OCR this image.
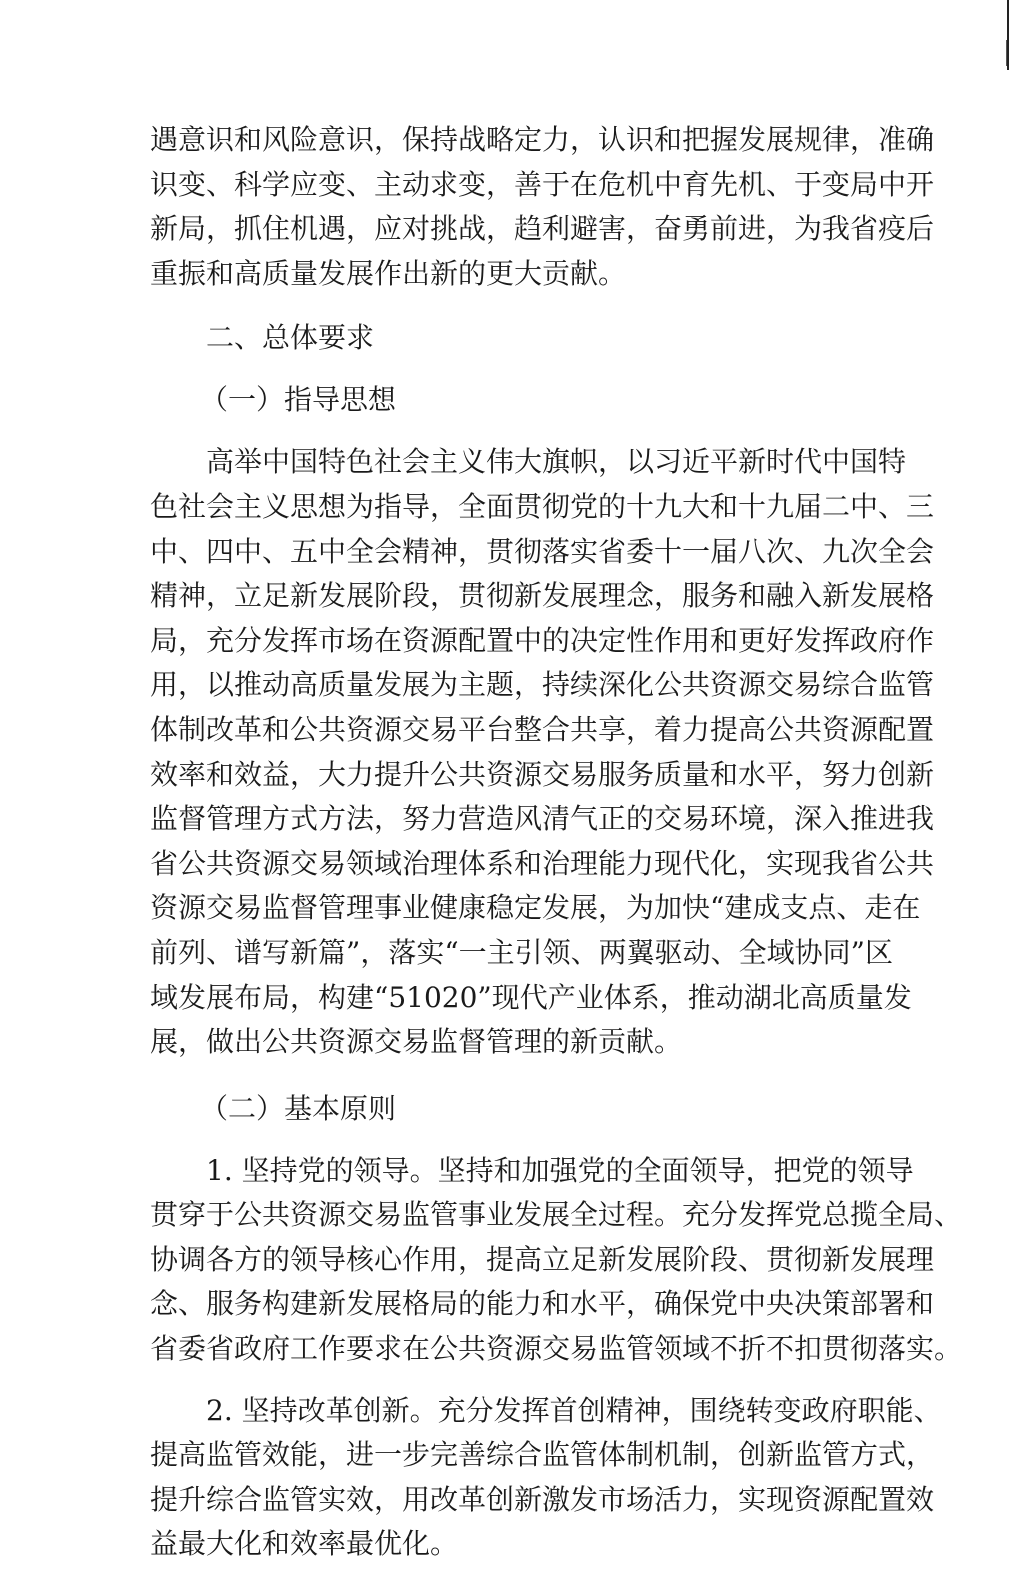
遇意识和风险意识，保持战略定力，认识和把握发展规律，准确
识变、科学应变、主动求变，善于在危机中育先机、于变局中开
新局，抓住机遇，应对挑战，趋利避害，奋勇前进，为我省疫后
重振和高质量发展作出新的更大贡献。
二、总体要求
（一）指导思想
高举中国特色社会主义伟大旗帜，以习近平新时代中国特
色社会主义思想为指导，全面贯彻党的十九大和十九届二中、三
中、四中、五中全会精神，贯彻落实省委十一届八次、九次全会
精神，立足新发展阶段，贯彻新发展理念，服务和融入新发展格
局，充分发挥市场在资源配置中的决定性作用和更好发挥政府作
用，以推动高质量发展为主题，持续深化公共资源交易综合监管
体制改革和公共资源交易平台整合共享，着力提高公共资源配置
效率和效益，大力提升公共资源交易服务质量和水平，努力创新
监督管理方式方法，努力营造风清气正的交易环境，深入推进我
省公共资源交易领域治理体系和治理能力现代化，实现我省公共
资源交易监督管理事业健康稳定发展，为加快“建成支点、走在
前列、谱写新篇”，落实“一主引领、两翼驱动、全域协同”区
域发展布局，构建“51020”现代产业体系，推动湖北高质量发
展，做出公共资源交易监督管理的新贡献。
（二）基本原则
1. 坚持党的领导。坚持和加强党的全面领导，把党的领导
贯穿于公共资源交易监管事业发展全过程。充分发挥党总揽全局、
协调各方的领导核心作用，提高立足新发展阶段、贯彻新发展理
念、服务构建新发展格局的能力和水平，确保党中央决策部署和
省委省政府工作要求在公共资源交易监管领域不折不扣贯彻落实。
2. 坚持改革创新。充分发挥首创精神，围绕转变政府职能、
提高监管效能，进一步完善综合监管体制机制，创新监管方式，
提升综合监管实效，用改革创新激发市场活力，实现资源配置效
益最大化和效率最优化。
